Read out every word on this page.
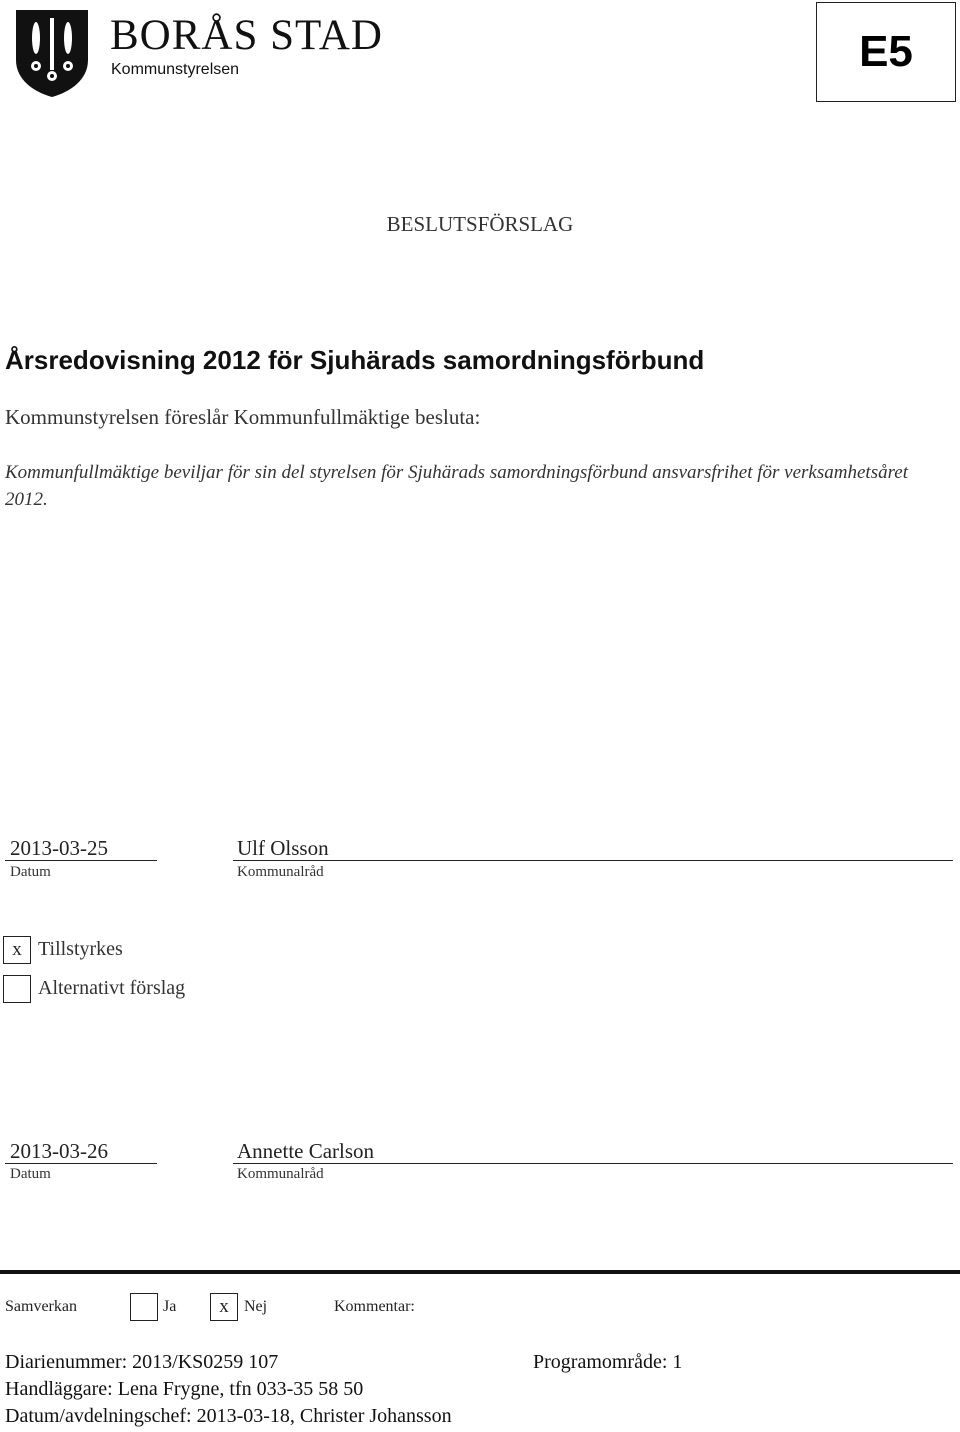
BORÅS STAD
Kommunstyrelsen	E5
BESLUTSFÖRSLAG
Årsredovisning 2012 för Sjuhärads samordningsförbund
Kommunstyrelsen föreslår Kommunfullmäktige besluta:
Kommunfullmäktige beviljar för sin del styrelsen för Sjuhärads samordningsförbund ansvarsfrihet för verksamhetsåret 2012.
2013-03-25
Datum
Ulf Olsson
Kommunalråd
x Tillstyrkes
Alternativt förslag
2013-03-26
Datum
Annette Carlson
Kommunalråd
Samverkan	Ja x Nej	Kommentar:
Diarienummer: 2013/KS0259 107	Programområde: 1
Handläggare: Lena Frygne, tfn 033-35 58 50
Datum/avdelningschef: 2013-03-18, Christer Johansson
